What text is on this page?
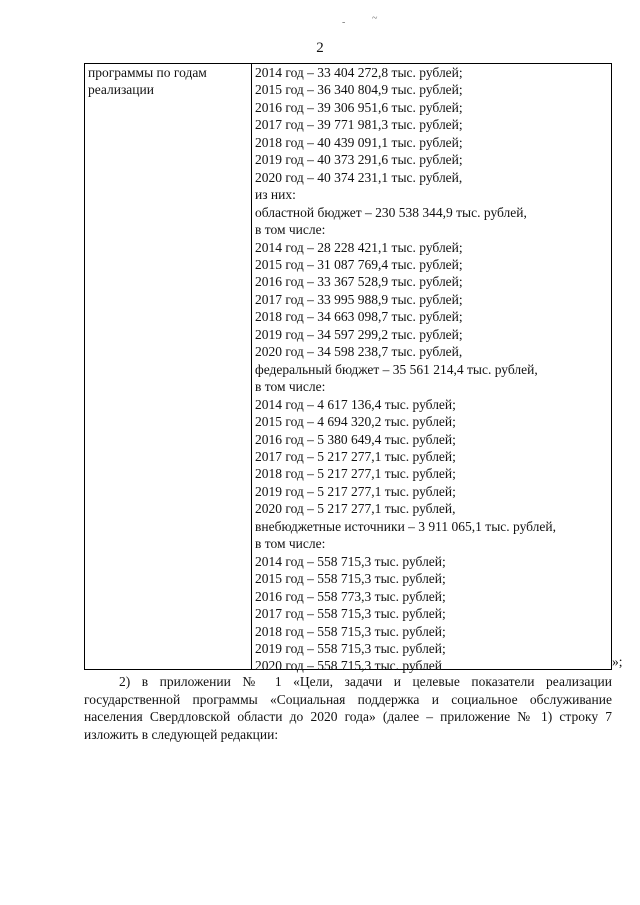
-	~
2
программы по годам
реализации
2014 год – 33 404 272,8 тыс. рублей;
2015 год – 36 340 804,9 тыс. рублей;
2016 год – 39 306 951,6 тыс. рублей;
2017 год – 39 771 981,3 тыс. рублей;
2018 год – 40 439 091,1 тыс. рублей;
2019 год – 40 373 291,6 тыс. рублей;
2020 год – 40 374 231,1 тыс. рублей,
из них:
областной бюджет – 230 538 344,9 тыс. рублей,
в том числе:
2014 год – 28 228 421,1 тыс. рублей;
2015 год – 31 087 769,4 тыс. рублей;
2016 год – 33 367 528,9 тыс. рублей;
2017 год – 33 995 988,9 тыс. рублей;
2018 год – 34 663 098,7 тыс. рублей;
2019 год – 34 597 299,2 тыс. рублей;
2020 год – 34 598 238,7 тыс. рублей,
федеральный бюджет – 35 561 214,4 тыс. рублей,
в том числе:
2014 год – 4 617 136,4 тыс. рублей;
2015 год – 4 694 320,2 тыс. рублей;
2016 год – 5 380 649,4 тыс. рублей;
2017 год – 5 217 277,1 тыс. рублей;
2018 год – 5 217 277,1 тыс. рублей;
2019 год – 5 217 277,1 тыс. рублей;
2020 год – 5 217 277,1 тыс. рублей,
внебюджетные источники – 3 911 065,1 тыс. рублей,
в том числе:
2014 год – 558 715,3 тыс. рублей;
2015 год – 558 715,3 тыс. рублей;
2016 год – 558 773,3 тыс. рублей;
2017 год – 558 715,3 тыс. рублей;
2018 год – 558 715,3 тыс. рублей;
2019 год – 558 715,3 тыс. рублей;
2020 год – 558 715,3 тыс. рублей	»;
2) в приложении № 1 «Цели, задачи и целевые показатели реализации государственной программы «Социальная поддержка и социальное обслуживание населения Свердловской области до 2020 года» (далее – приложение № 1) строку 7 изложить в следующей редакции:
